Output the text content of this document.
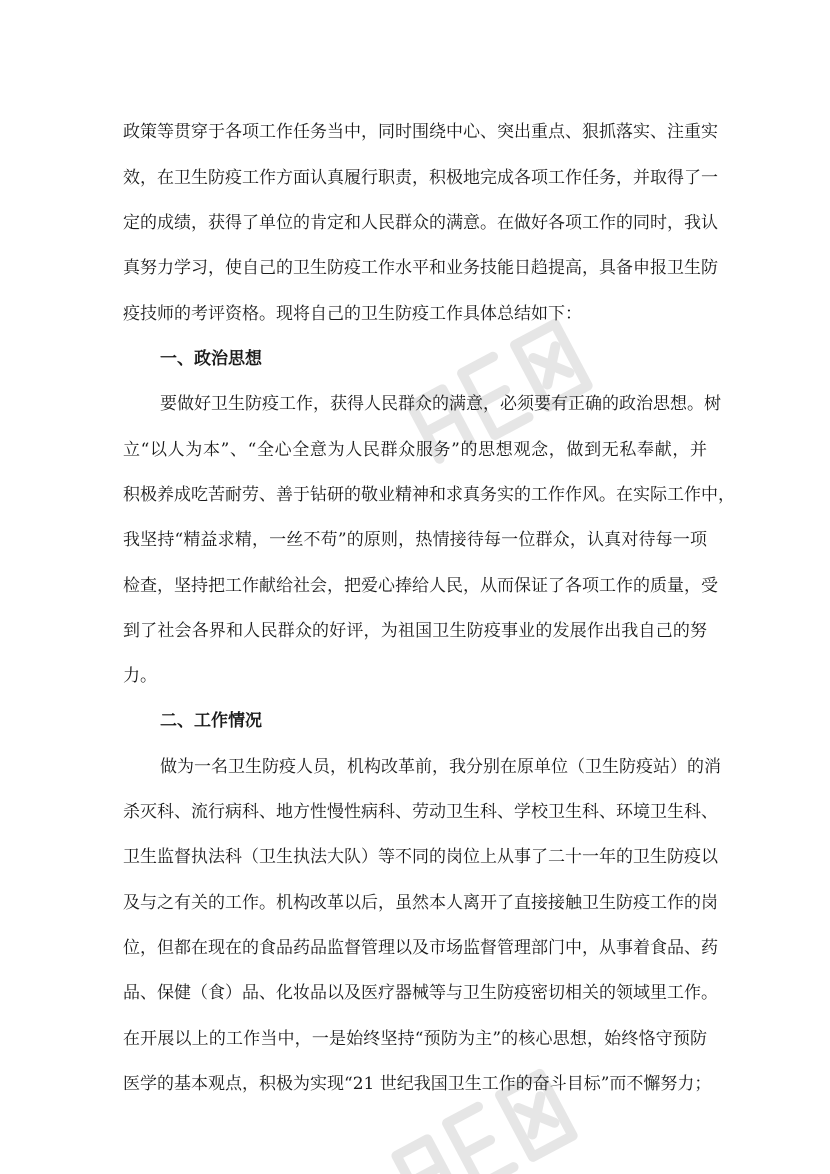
政策等贯穿于各项工作任务当中，同时围绕中心、突出重点、狠抓落实、注重实
效，在卫生防疫工作方面认真履行职责，积极地完成各项工作任务，并取得了一
定的成绩，获得了单位的肯定和人民群众的满意。在做好各项工作的同时，我认
真努力学习，使自己的卫生防疫工作水平和业务技能日趋提高，具备申报卫生防
疫技师的考评资格。现将自己的卫生防疫工作具体总结如下：
一、政治思想
要做好卫生防疫工作，获得人民群众的满意，必须要有正确的政治思想。树
立“以人为本”、“全心全意为人民群众服务”的思想观念，做到无私奉献，并
积极养成吃苦耐劳、善于钻研的敬业精神和求真务实的工作作风。在实际工作中，
我坚持“精益求精，一丝不苟”的原则，热情接待每一位群众，认真对待每一项
检查，坚持把工作献给社会，把爱心捧给人民，从而保证了各项工作的质量，受
到了社会各界和人民群众的好评，为祖国卫生防疫事业的发展作出我自己的努
力。
二、工作情况
做为一名卫生防疫人员，机构改革前，我分别在原单位（卫生防疫站）的消
杀灭科、流行病科、地方性慢性病科、劳动卫生科、学校卫生科、环境卫生科、
卫生监督执法科（卫生执法大队）等不同的岗位上从事了二十一年的卫生防疫以
及与之有关的工作。机构改革以后，虽然本人离开了直接接触卫生防疫工作的岗
位，但都在现在的食品药品监督管理以及市场监督管理部门中，从事着食品、药
品、保健（食）品、化妆品以及医疗器械等与卫生防疫密切相关的领域里工作。
在开展以上的工作当中，一是始终坚持“预防为主”的核心思想，始终恪守预防
医学的基本观点，积极为实现“21 世纪我国卫生工作的奋斗目标”而不懈努力；
